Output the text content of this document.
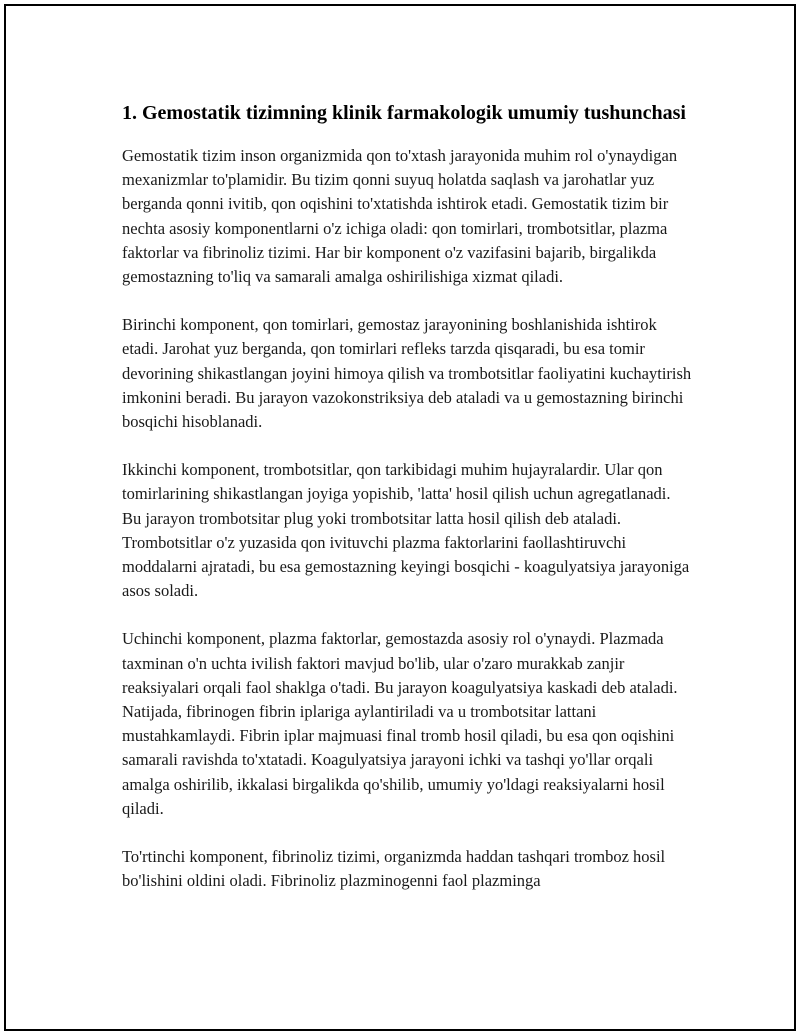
1. Gemostatik tizimning klinik farmakologik umumiy tushunchasi

Gemostatik tizim inson organizmida qon to'xtash jarayonida muhim rol o'ynaydigan mexanizmlar to'plamidir. Bu tizim qonni suyuq holatda saqlash va jarohatlar yuz berganda qonni ivitib, qon oqishini to'xtatishda ishtirok etadi. Gemostatik tizim bir nechta asosiy komponentlarni o'z ichiga oladi: qon tomirlari, trombotsitlar, plazma faktorlar va fibrinoliz tizimi. Har bir komponent o'z vazifasini bajarib, birgalikda gemostazning to'liq va samarali amalga oshirilishiga xizmat qiladi.

Birinchi komponent, qon tomirlari, gemostaz jarayonining boshlanishida ishtirok etadi. Jarohat yuz berganda, qon tomirlari refleks tarzda qisqaradi, bu esa tomir devorining shikastlangan joyini himoya qilish va trombotsitlar faoliyatini kuchaytirish imkonini beradi. Bu jarayon vazokonstriksiya deb ataladi va u gemostazning birinchi bosqichi hisoblanadi.

Ikkinchi komponent, trombotsitlar, qon tarkibidagi muhim hujayralardir. Ular qon tomirlarining shikastlangan joyiga yopishib, 'latta' hosil qilish uchun agregatlanadi. Bu jarayon trombotsitar plug yoki trombotsitar latta hosil qilish deb ataladi. Trombotsitlar o'z yuzasida qon ivituvchi plazma faktorlarini faollashtiruvchi moddalarni ajratadi, bu esa gemostazning keyingi bosqichi - koagulyatsiya jarayoniga asos soladi.

Uchinchi komponent, plazma faktorlar, gemostazda asosiy rol o'ynaydi. Plazmada taxminan o'n uchta ivilish faktori mavjud bo'lib, ular o'zaro murakkab zanjir reaksiyalari orqali faol shaklga o'tadi. Bu jarayon koagulyatsiya kaskadi deb ataladi. Natijada, fibrinogen fibrin iplariga aylantiriladi va u trombotsitar lattani mustahkamlaydi. Fibrin iplar majmuasi final tromb hosil qiladi, bu esa qon oqishini samarali ravishda to'xtatadi. Koagulyatsiya jarayoni ichki va tashqi yo'llar orqali amalga oshirilib, ikkalasi birgalikda qo'shilib, umumiy yo'ldagi reaksiyalarni hosil qiladi.

To'rtinchi komponent, fibrinoliz tizimi, organizmda haddan tashqari tromboz hosil bo'lishini oldini oladi. Fibrinoliz plazminogenni faol plazminga
